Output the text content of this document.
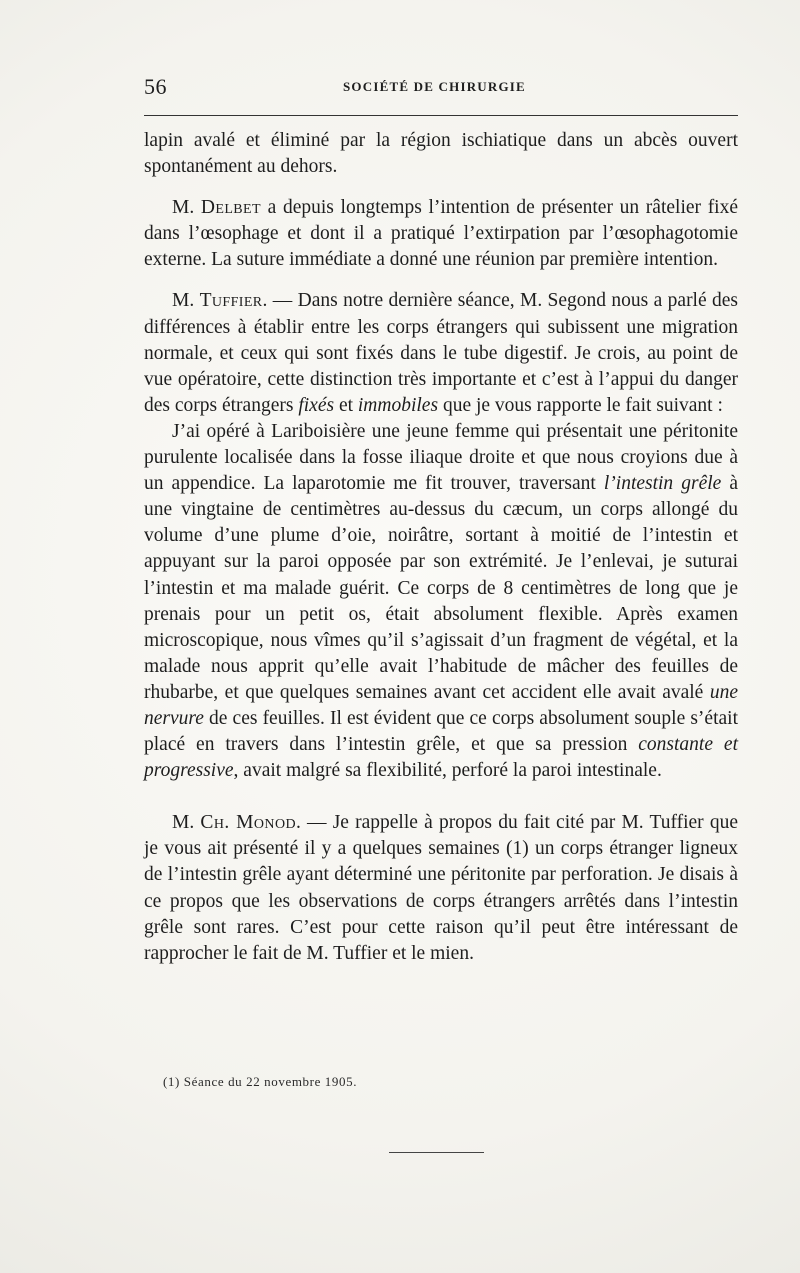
56	SOCIÉTÉ DE CHIRURGIE

lapin avalé et éliminé par la région ischiatique dans un abcès ouvert spontanément au dehors.

M. Delbet a depuis longtemps l’intention de présenter un râtelier fixé dans l’œsophage et dont il a pratiqué l’extirpation par l’œsophagotomie externe. La suture immédiate a donné une réunion par première intention.

M. Tuffier. — Dans notre dernière séance, M. Segond nous a parlé des différences à établir entre les corps étrangers qui subissent une migration normale, et ceux qui sont fixés dans le tube digestif. Je crois, au point de vue opératoire, cette distinction très importante et c’est à l’appui du danger des corps étrangers fixés et immobiles que je vous rapporte le fait suivant :

J’ai opéré à Lariboisière une jeune femme qui présentait une péritonite purulente localisée dans la fosse iliaque droite et que nous croyions due à un appendice. La laparotomie me fit trouver, traversant l’intestin grêle à une vingtaine de centimètres au-dessus du cæcum, un corps allongé du volume d’une plume d’oie, noirâtre, sortant à moitié de l’intestin et appuyant sur la paroi opposée par son extrémité. Je l’enlevai, je suturai l’intestin et ma malade guérit. Ce corps de 8 centimètres de long que je prenais pour un petit os, était absolument flexible. Après examen microscopique, nous vîmes qu’il s’agissait d’un fragment de végétal, et la malade nous apprit qu’elle avait l’habitude de mâcher des feuilles de rhubarbe, et que quelques semaines avant cet accident elle avait avalé une nervure de ces feuilles. Il est évident que ce corps absolument souple s’était placé en travers dans l’intestin grêle, et que sa pression constante et progressive, avait malgré sa flexibilité, perforé la paroi intestinale.

M. Ch. Monod. — Je rappelle à propos du fait cité par M. Tuffier que je vous ait présenté il y a quelques semaines (1) un corps étranger ligneux de l’intestin grêle ayant déterminé une péritonite par perforation. Je disais à ce propos que les observations de corps étrangers arrêtés dans l’intestin grêle sont rares. C’est pour cette raison qu’il peut être intéressant de rapprocher le fait de M. Tuffier et le mien.

(1) Séance du 22 novembre 1905.
